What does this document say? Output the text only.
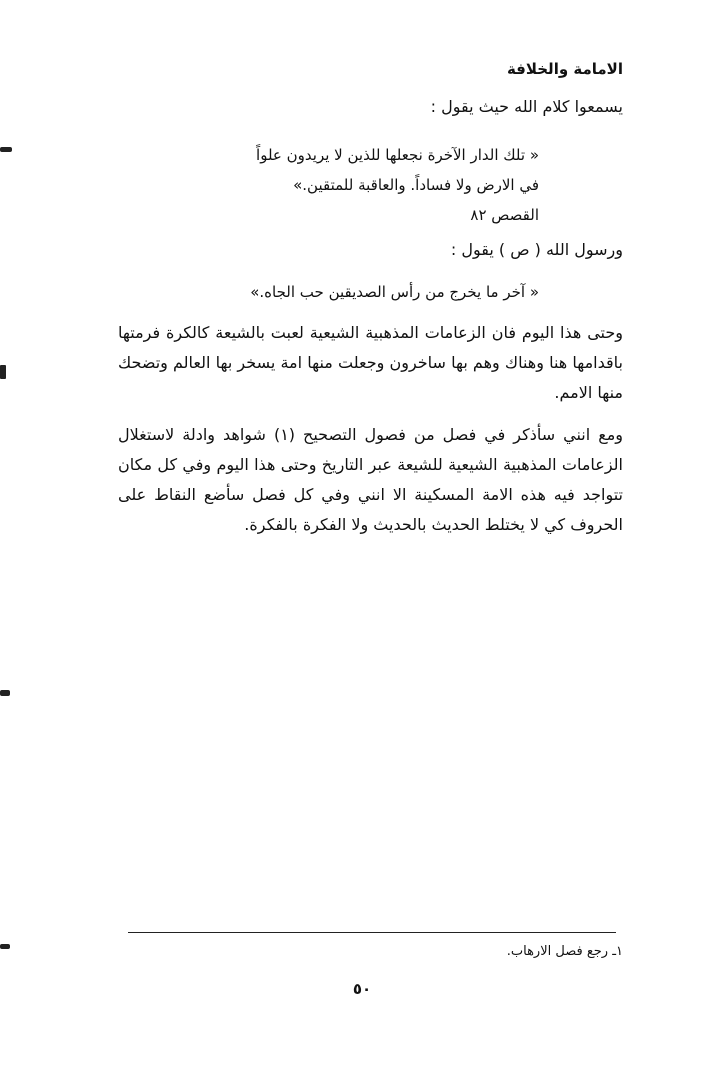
الامامة والخلافة
يسمعوا كلام الله حيث يقول :
« تلك الدار الآخرة نجعلها للذين لا يريدون علواً
في الارض ولا فساداً. والعاقبة للمتقين.»
القصص ٨٢
ورسول الله ( ص ) يقول :
« آخر ما يخرج من رأس الصديقين حب الجاه.»
وحتى هذا اليوم فان الزعامات المذهبية الشيعية لعبت بالشيعة كالكرة فرمتها باقدامها هنا وهناك وهم بها ساخرون وجعلت منها امة يسخر بها العالم وتضحك منها الامم.
ومع انني سأذكر في فصل من فصول التصحيح (١) شواهد وادلة لاستغلال الزعامات المذهبية الشيعية للشيعة عبر التاريخ وحتى هذا اليوم وفي كل مكان تتواجد فيه هذه الامة المسكينة الا انني وفي كل فصل سأضع النقاط على الحروف كي لا يختلط الحديث بالحديث ولا الفكرة بالفكرة.
١ـ رجع فصل الارهاب.
٥٠
